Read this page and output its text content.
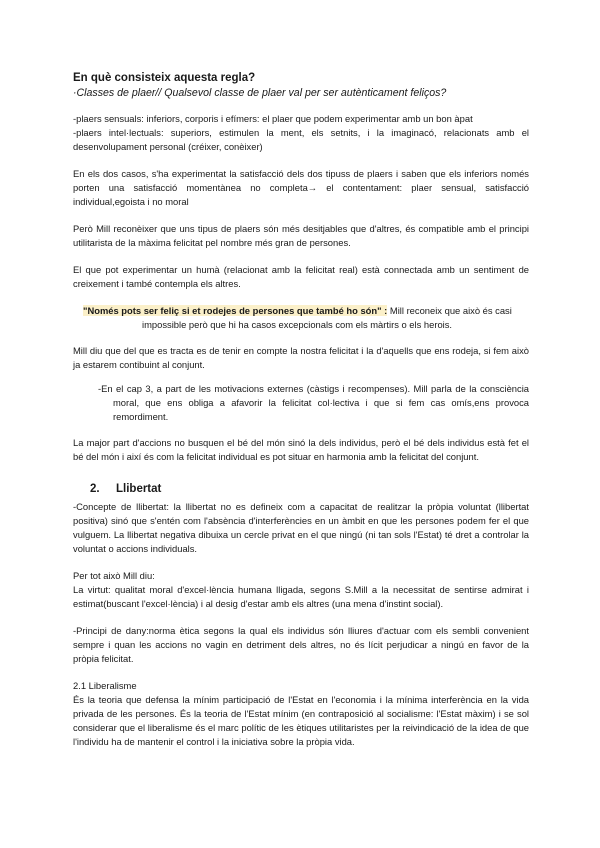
En què consisteix aquesta regla?

·Classes de plaer// Qualsevol classe de plaer val per ser autènticament feliços?

-plaers sensuals: inferiors, corporis i efímers: el plaer que podem experimentar amb un bon àpat

-plaers intel·lectuals: superiors, estimulen la ment, els setnits, i la imaginacó, relacionats amb el desenvolupament personal (créixer, conèixer)

En els dos casos, s'ha experimentat la satisfacció dels dos tipuss de plaers i saben que els inferiors només porten una satisfacció momentànea no completa→ el contentament: plaer sensual, satisfacció individual,egoista i no moral

Però Mill reconèixer que uns tipus de plaers són més desitjables que d'altres, és compatible amb el principi utilitarista de la màxima felicitat pel nombre més gran de persones.

El que pot experimentar un humà (relacionat amb la felicitat real) està connectada amb un sentiment de creixement i també contempla els altres.

"Només pots ser feliç si et rodejes de persones que també ho són" : Mill reconeix que això és casi
impossible però que hi ha casos excepcionals com els màrtirs o els herois.

Mill diu que del que es tracta es de tenir en compte la nostra felicitat i la d'aquells que ens rodeja, si fem això ja estarem contibuint al conjunt.

-En el cap 3, a part de les motivacions externes (càstigs i recompenses). Mill parla de la consciència moral, que ens obliga a afavorir la felicitat col·lectiva i que si fem cas omís,ens provoca remordiment.

La major part d'accions no busquen el bé del món sinó la dels individus, però el bé dels individus està fet el bé del món i així és com la felicitat individual es pot situar en harmonia amb la felicitat del conjunt.

2. Llibertat

-Concepte de llibertat: la llibertat no es defineix com a capacitat de realitzar la pròpia voluntat (llibertat positiva) sinó que s'entén com l'absència d'interferències en un àmbit en que les persones podem fer el que vulguem. La llibertat negativa dibuixa un cercle privat en el que ningú (ni tan sols l'Estat) té dret a controlar la voluntat o accions individuals.

Per tot això Mill diu:

La virtut: qualitat moral d'excel·lència humana lligada, segons S.Mill a la necessitat de sentirse admirat i estimat(buscant l'excel·lència) i al desig d'estar amb els altres (una mena d'instint social).

-Principi de dany:norma ètica segons la qual els individus són lliures d'actuar com els sembli convenient sempre i quan les accions no vagin en detriment dels altres, no és lícit perjudicar a ningú en favor de la pròpia felicitat.

2.1 Liberalisme

És la teoria que defensa la mínim participació de l'Estat en l'economia i la mínima interferència en la vida privada de les persones. És la teoria de l'Estat mínim (en contraposició al socialisme: l'Estat màxim) i se sol considerar que el liberalisme és el marc polític de les ètiques utilitaristes per la reivindicació de la idea de que l'individu ha de mantenir el control i la iniciativa sobre la pròpia vida.
